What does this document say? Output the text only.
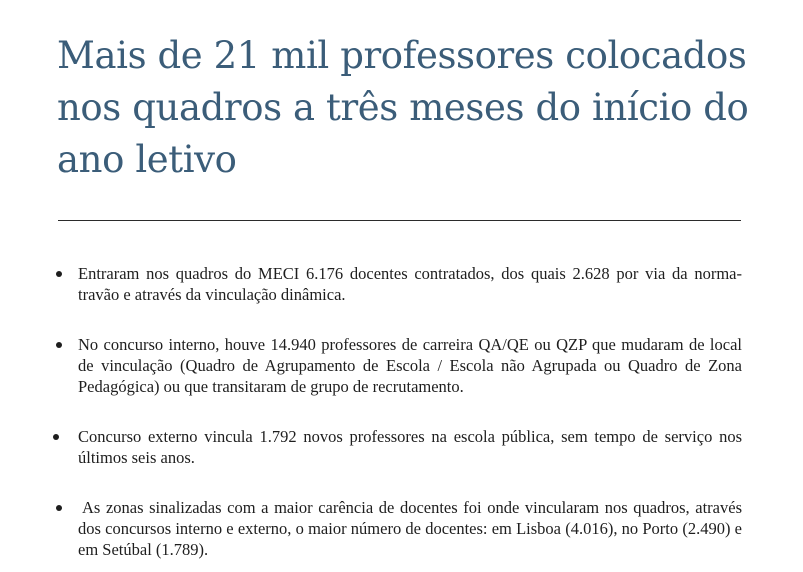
Mais de 21 mil professores colocados nos quadros a três meses do início do ano letivo
Entraram nos quadros do MECI 6.176 docentes contratados, dos quais 2.628 por via da norma-travão e através da vinculação dinâmica.
No concurso interno, houve 14.940 professores de carreira QA/QE ou QZP que mudaram de local de vinculação (Quadro de Agrupamento de Escola / Escola não Agrupada ou Quadro de Zona Pedagógica) ou que transitaram de grupo de recrutamento.
Concurso externo vincula 1.792 novos professores na escola pública, sem tempo de serviço nos últimos seis anos.
As zonas sinalizadas com a maior carência de docentes foi onde vincularam nos quadros, através dos concursos interno e externo, o maior número de docentes: em Lisboa (4.016), no Porto (2.490) e em Setúbal (1.789).
